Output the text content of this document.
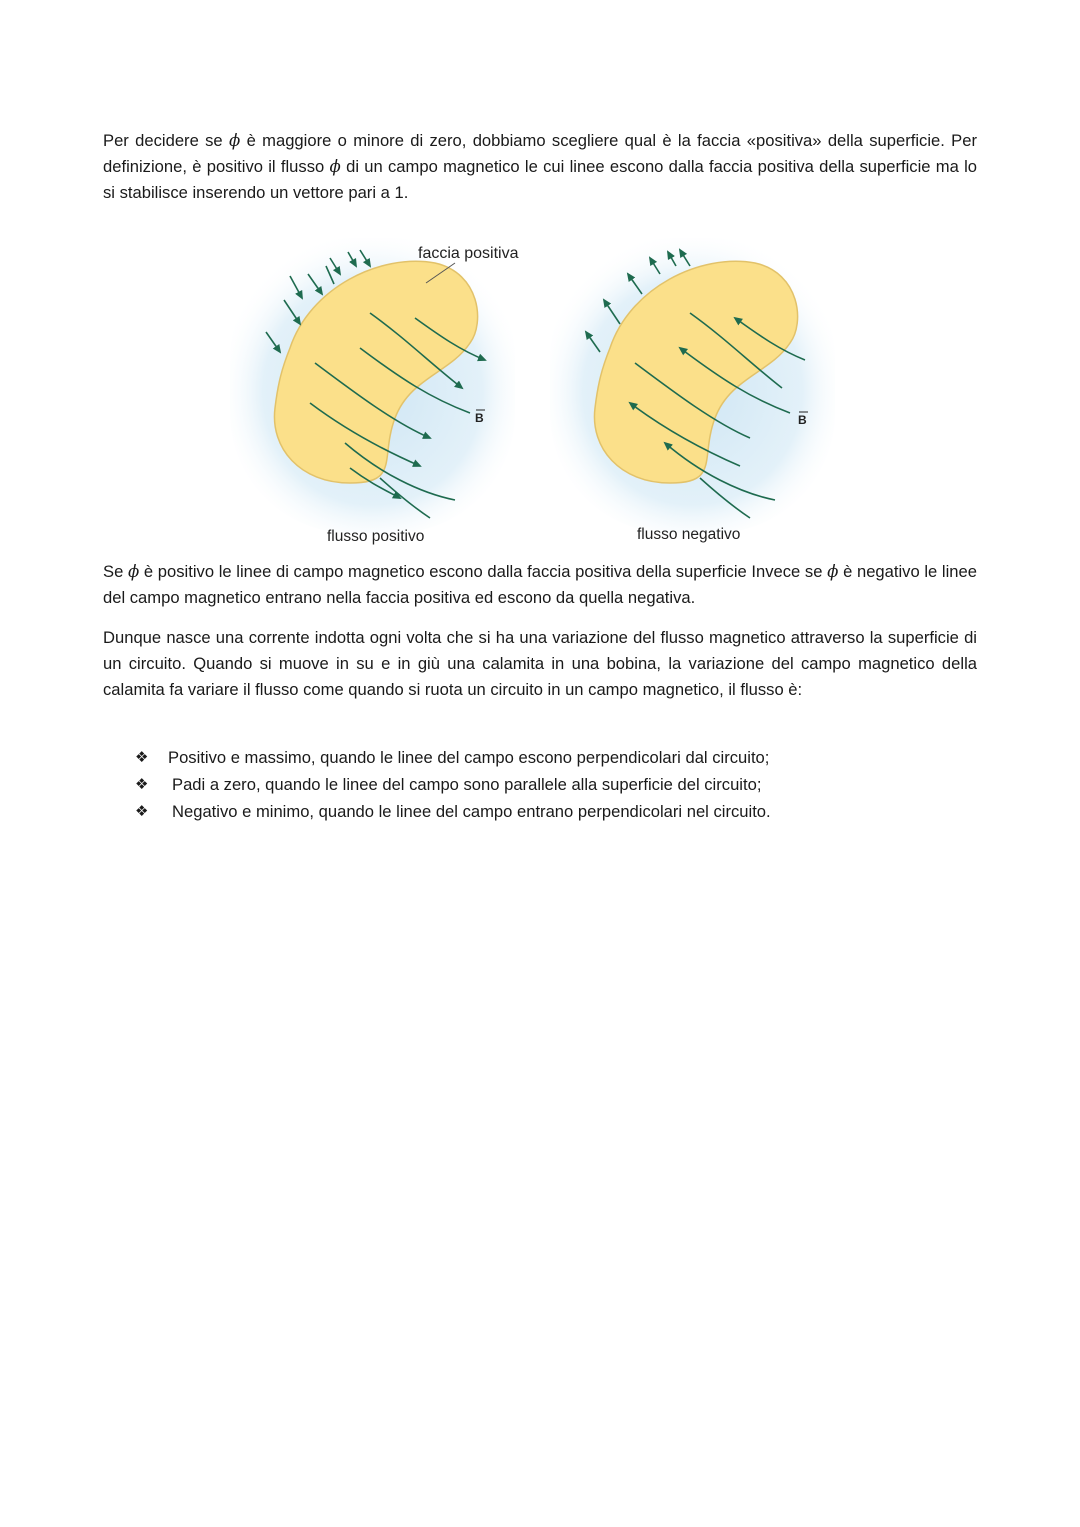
Per decidere se ϕ è maggiore o minore di zero, dobbiamo scegliere qual è la faccia «positiva» della superficie. Per definizione, è positivo il flusso ϕ di un campo magnetico le cui linee escono dalla faccia positiva della superficie ma lo si stabilisce inserendo un vettore pari a 1.

faccia positiva
B	B
flusso positivo	flusso negativo

Se ϕ è positivo le linee di campo magnetico escono dalla faccia positiva della superficie Invece se ϕ è negativo le linee del campo magnetico entrano nella faccia positiva ed escono da quella negativa.

Dunque nasce una corrente indotta ogni volta che si ha una variazione del flusso magnetico attraverso la superficie di un circuito. Quando si muove in su e in giù una calamita in una bobina, la variazione del campo magnetico della calamita fa variare il flusso come quando si ruota un circuito in un campo magnetico, il flusso è:

❖ Positivo e massimo, quando le linee del campo escono perpendicolari dal circuito;
❖ Padi a zero, quando le linee del campo sono parallele alla superficie del circuito;
❖ Negativo e minimo, quando le linee del campo entrano perpendicolari nel circuito.
